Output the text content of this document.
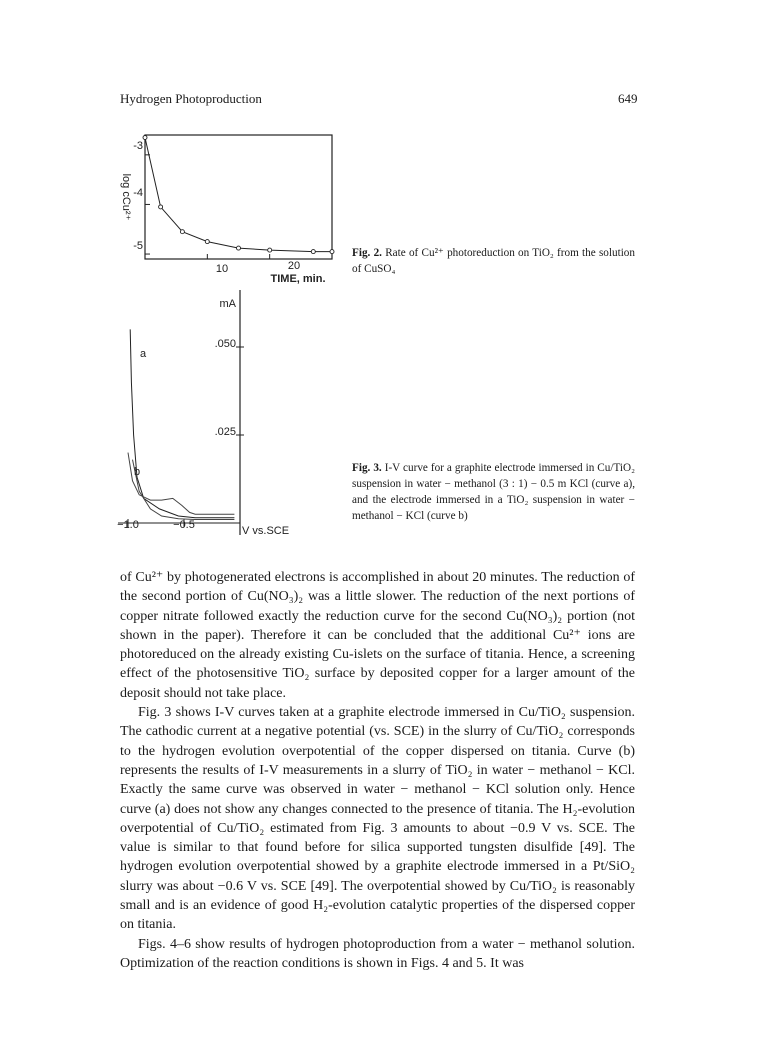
Hydrogen Photoproduction	649
log cCu²⁺
-3
-4
-5
10	20
TIME, min.
Fig. 2. Rate of Cu²⁺ photoreduction on TiO₂ from the solution of CuSO₄
mA
.050
.025
−1.0	−0.5	V vs.SCE
a
b	Fig. 3. I-V curve for a graphite electrode immersed in Cu/TiO₂ suspension in water − methanol (3 : 1) − 0.5 m KCl (curve a), and the electrode immersed in a TiO₂ suspension in water − methanol − KCl (curve b)

of Cu²⁺ by photogenerated electrons is accomplished in about 20 minutes. The reduction of the second portion of Cu(NO₃)₂ was a little slower. The reduction of the next portions of copper nitrate followed exactly the reduction curve for the second Cu(NO₃)₂ portion (not shown in the paper). Therefore it can be concluded that the additional Cu²⁺ ions are photoreduced on the already existing Cu-islets on the surface of titania. Hence, a screening effect of the photosensitive TiO₂ surface by deposited copper for a larger amount of the deposit should not take place.

Fig. 3 shows I-V curves taken at a graphite electrode immersed in Cu/TiO₂ suspension. The cathodic current at a negative potential (vs. SCE) in the slurry of Cu/TiO₂ corresponds to the hydrogen evolution overpotential of the copper dispersed on titania. Curve (b) represents the results of I-V measurements in a slurry of TiO₂ in water − methanol − KCl. Exactly the same curve was observed in water − methanol − KCl solution only. Hence curve (a) does not show any changes connected to the presence of titania. The H₂-evolution overpotential of Cu/TiO₂ estimated from Fig. 3 amounts to about −0.9 V vs. SCE. The value is similar to that found before for silica supported tungsten disulfide [49]. The hydrogen evolution overpotential showed by a graphite electrode immersed in a Pt/SiO₂ slurry was about −0.6 V vs. SCE [49]. The overpotential showed by Cu/TiO₂ is reasonably small and is an evidence of good H₂-evolution catalytic properties of the dispersed copper on titania.

Figs. 4–6 show results of hydrogen photoproduction from a water − methanol solution. Optimization of the reaction conditions is shown in Figs. 4 and 5. It was
